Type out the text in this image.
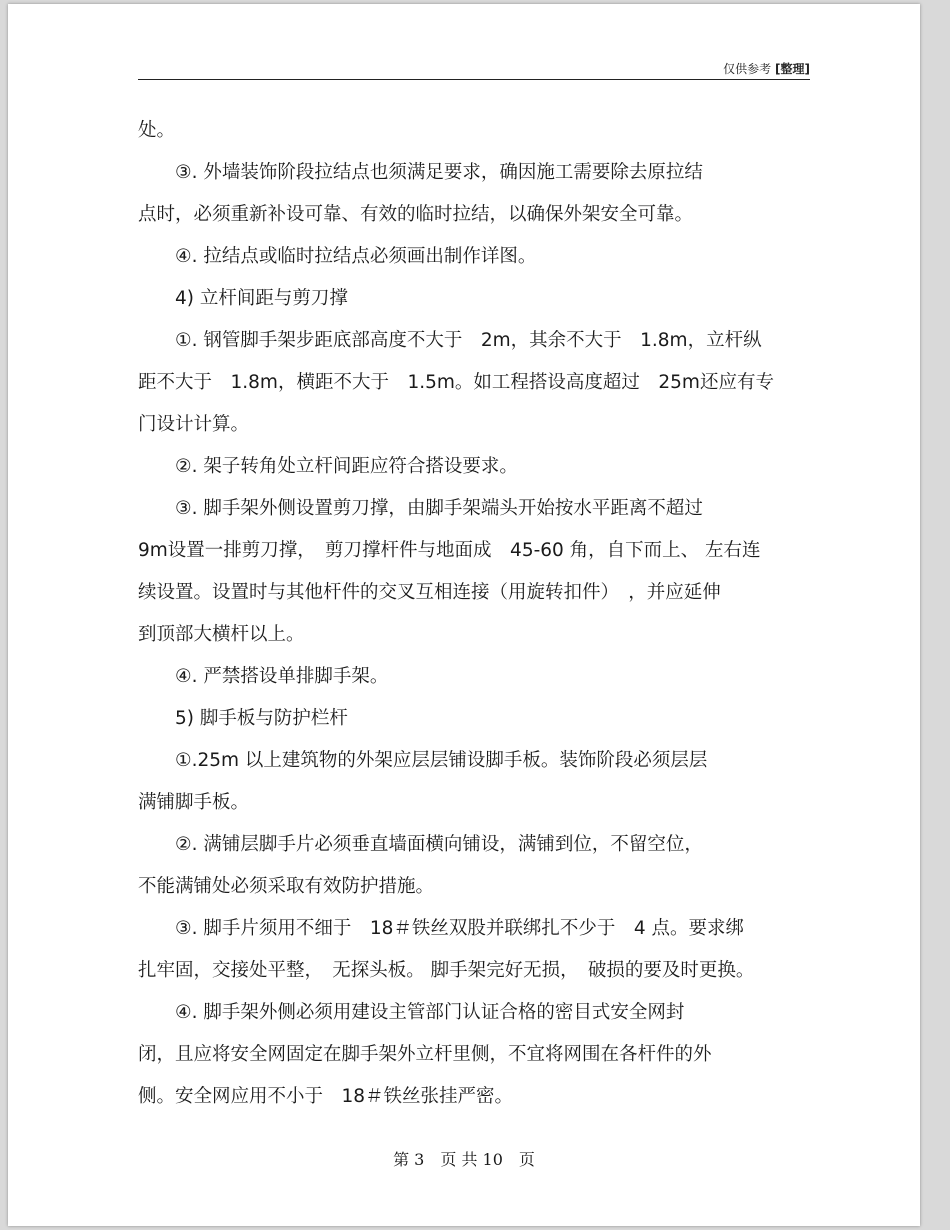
仅供参考 [整理]

处。

③. 外墙装饰阶段拉结点也须满足要求，确因施工需要除去原拉结

点时，必须重新补设可靠、有效的临时拉结，以确保外架安全可靠。

④. 拉结点或临时拉结点必须画出制作详图。

4) 立杆间距与剪刀撑

①. 钢管脚手架步距底部高度不大于　2m，其余不大于　1.8m，立杆纵

距不大于　1.8m，横距不大于　1.5m。如工程搭设高度超过　25m还应有专

门设计计算。

②. 架子转角处立杆间距应符合搭设要求。

③. 脚手架外侧设置剪刀撑，由脚手架端头开始按水平距离不超过

9m设置一排剪刀撑，　剪刀撑杆件与地面成　45-60 角，自下而上、 左右连

续设置。设置时与其他杆件的交叉互相连接（用旋转扣件）　，并应延伸

到顶部大横杆以上。

④. 严禁搭设单排脚手架。

5) 脚手板与防护栏杆

①.25m 以上建筑物的外架应层层铺设脚手板。装饰阶段必须层层

满铺脚手板。

②. 满铺层脚手片必须垂直墙面横向铺设，满铺到位，不留空位，

不能满铺处必须采取有效防护措施。

③. 脚手片须用不细于　18＃铁丝双股并联绑扎不少于　4 点。要求绑

扎牢固，交接处平整，　无探头板。 脚手架完好无损，　破损的要及时更换。

④. 脚手架外侧必须用建设主管部门认证合格的密目式安全网封

闭，且应将安全网固定在脚手架外立杆里侧，不宜将网围在各杆件的外

侧。安全网应用不小于　18＃铁丝张挂严密。

第 3　页 共 10　页
